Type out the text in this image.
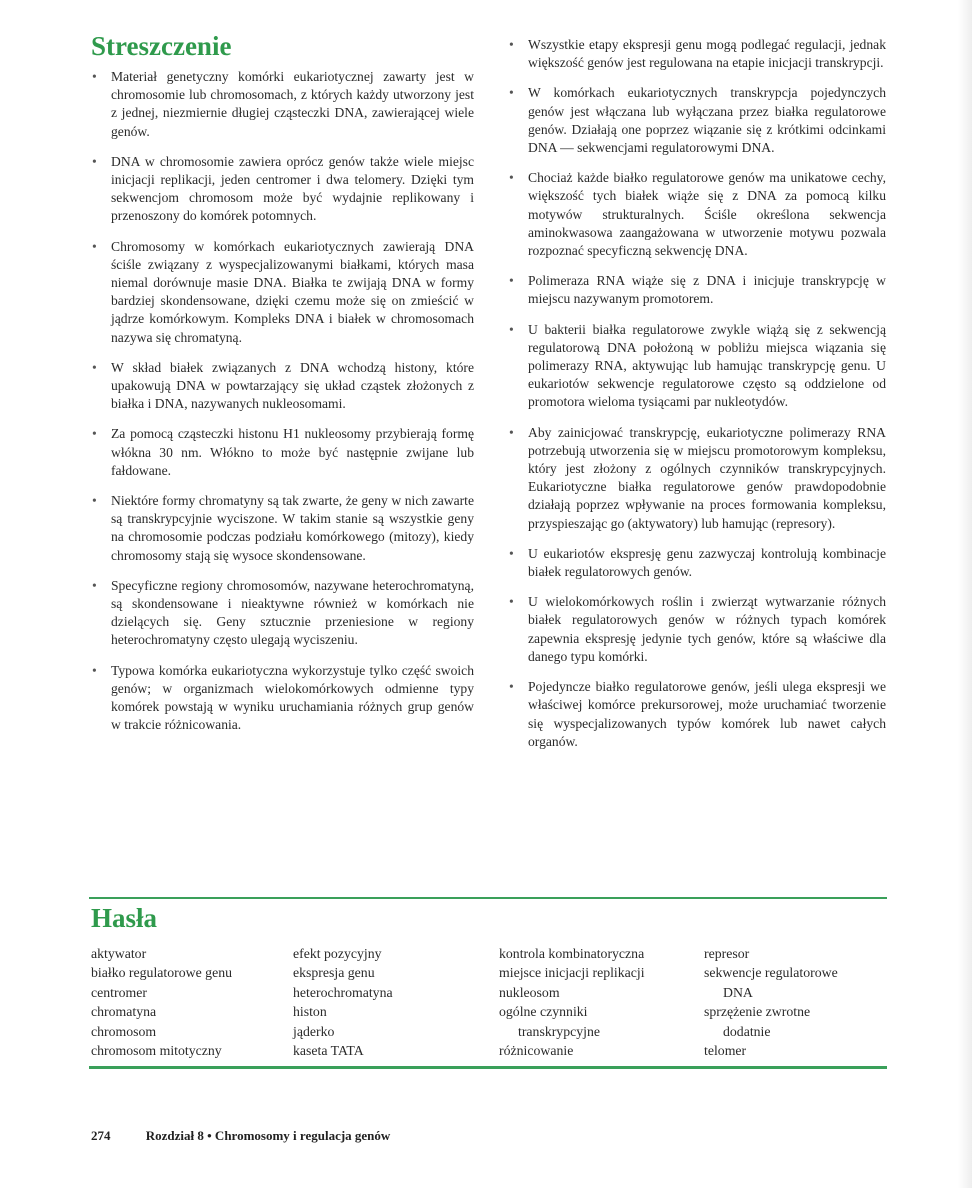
Streszczenie
• Materiał genetyczny komórki eukariotycznej zawarty jest w chromosomie lub chromosomach, z których każdy utworzony jest z jednej, niezmiernie długiej cząsteczki DNA, zawierającej wiele genów.
• DNA w chromosomie zawiera oprócz genów także wiele miejsc inicjacji replikacji, jeden centromer i dwa telomery. Dzięki tym sekwencjom chromosom może być wydajnie replikowany i przenoszony do komórek potomnych.
• Chromosomy w komórkach eukariotycznych zawierają DNA ściśle związany z wyspecjalizowanymi białkami, których masa niemal dorównuje masie DNA. Białka te zwijają DNA w formy bardziej skondensowane, dzięki czemu może się on zmieścić w jądrze komórkowym. Kompleks DNA i białek w chromosomach nazywa się chromatyną.
• W skład białek związanych z DNA wchodzą histony, które upakowują DNA w powtarzający się układ cząstek złożonych z białka i DNA, nazywanych nukleosomami.
• Za pomocą cząsteczki histonu H1 nukleosomy przybierają formę włókna 30 nm. Włókno to może być następnie zwijane lub fałdowane.
• Niektóre formy chromatyny są tak zwarte, że geny w nich zawarte są transkrypcyjnie wyciszone. W takim stanie są wszystkie geny na chromosomie podczas podziału komórkowego (mitozy), kiedy chromosomy stają się wysoce skondensowane.
• Specyficzne regiony chromosomów, nazywane heterochromatyną, są skondensowane i nieaktywne również w komórkach nie dzielących się. Geny sztucznie przeniesione w regiony heterochromatyny często ulegają wyciszeniu.
• Typowa komórka eukariotyczna wykorzystuje tylko część swoich genów; w organizmach wielokomórkowych odmienne typy komórek powstają w wyniku uruchamiania różnych grup genów w trakcie różnicowania.
• Wszystkie etapy ekspresji genu mogą podlegać regulacji, jednak większość genów jest regulowana na etapie inicjacji transkrypcji.
• W komórkach eukariotycznych transkrypcja pojedynczych genów jest włączana lub wyłączana przez białka regulatorowe genów. Działają one poprzez wiązanie się z krótkimi odcinkami DNA — sekwencjami regulatorowymi DNA.
• Chociaż każde białko regulatorowe genów ma unikatowe cechy, większość tych białek wiąże się z DNA za pomocą kilku motywów strukturalnych. Ściśle określona sekwencja aminokwasowa zaangażowana w utworzenie motywu pozwala rozpoznać specyficzną sekwencję DNA.
• Polimeraza RNA wiąże się z DNA i inicjuje transkrypcję w miejscu nazywanym promotorem.
• U bakterii białka regulatorowe zwykle wiążą się z sekwencją regulatorową DNA położoną w pobliżu miejsca wiązania się polimerazy RNA, aktywując lub hamując transkrypcję genu. U eukariotów sekwencje regulatorowe często są oddzielone od promotora wieloma tysiącami par nukleotydów.
• Aby zainicjować transkrypcję, eukariotyczne polimerazy RNA potrzebują utworzenia się w miejscu promotorowym kompleksu, który jest złożony z ogólnych czynników transkrypcyjnych. Eukariotyczne białka regulatorowe genów prawdopodobnie działają poprzez wpływanie na proces formowania kompleksu, przyspieszając go (aktywatory) lub hamując (represory).
• U eukariotów ekspresję genu zazwyczaj kontrolują kombinacje białek regulatorowych genów.
• U wielokomórkowych roślin i zwierząt wytwarzanie różnych białek regulatorowych genów w różnych typach komórek zapewnia ekspresję jedynie tych genów, które są właściwe dla danego typu komórki.
• Pojedyncze białko regulatorowe genów, jeśli ulega ekspresji we właściwej komórce prekursorowej, może uruchamiać tworzenie się wyspecjalizowanych typów komórek lub nawet całych organów.
Hasła
aktywator
białko regulatorowe genu
centromer
chromatyna
chromosom
chromosom mitotyczny
efekt pozycyjny
ekspresja genu
heterochromatyna
histon
jąderko
kaseta TATA
kontrola kombinatoryczna
miejsce inicjacji replikacji
nukleosom
ogólne czynniki
transkrypcyjne
różnicowanie
represor
sekwencje regulatorowe
DNA
sprzężenie zwrotne
dodatnie
telomer
274	Rozdział 8 • Chromosomy i regulacja genów
